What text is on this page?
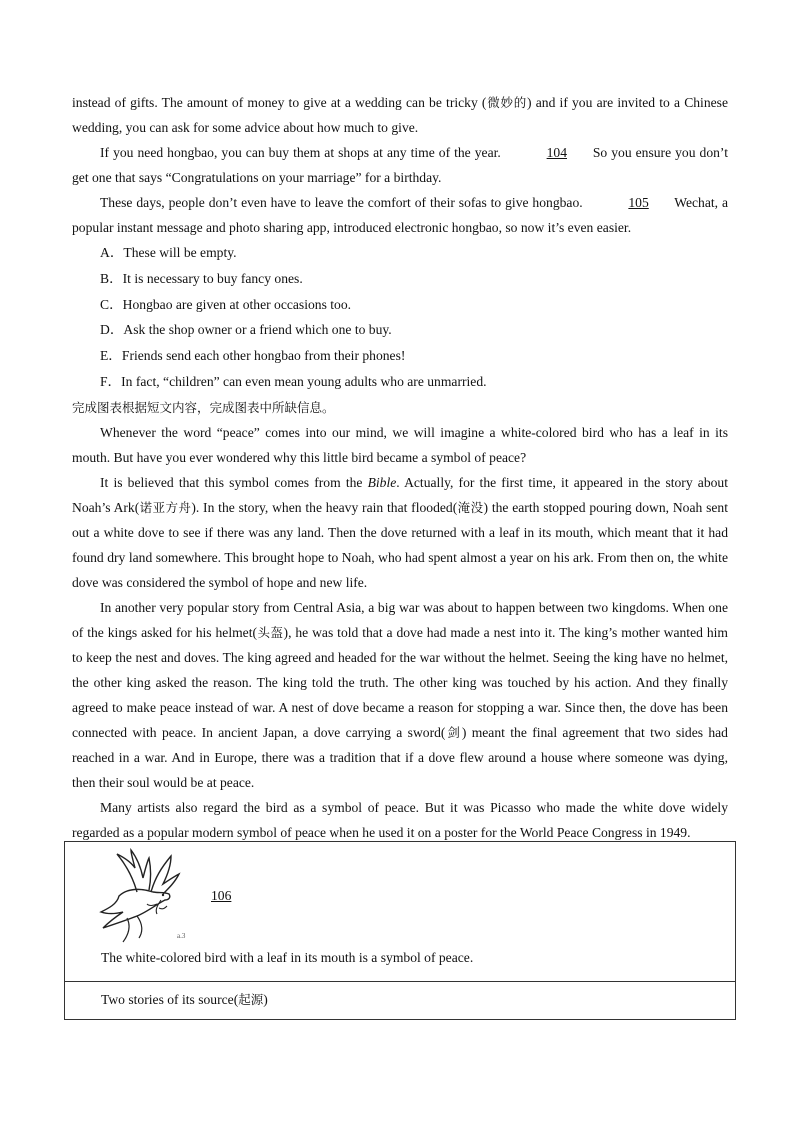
instead of gifts. The amount of money to give at a wedding can be tricky (微妙的) and if you are invited to a Chinese wedding, you can ask for some advice about how much to give.

If you need hongbao, you can buy them at shops at any time of the year.	104 So you ensure you don’t get one that says “Congratulations on your marriage” for a birthday.

These days, people don’t even have to leave the comfort of their sofas to give hongbao.	105 Wechat, a popular instant message and photo sharing app, introduced electronic hongbao, so now it’s even easier.

A．These will be empty.

B．It is necessary to buy fancy ones.

C．Hongbao are given at other occasions too.

D．Ask the shop owner or a friend which one to buy.

E．Friends send each other hongbao from their phones!

F．In fact, “children” can even mean young adults who are unmarried.

完成图表根据短文内容，完成图表中所缺信息。

Whenever the word “peace” comes into our mind, we will imagine a white-colored bird who has a leaf in its mouth. But have you ever wondered why this little bird became a symbol of peace?

It is believed that this symbol comes from the Bible. Actually, for the first time, it appeared in the story about Noah’s Ark(诺亚方舟). In the story, when the heavy rain that flooded(淹没) the earth stopped pouring down, Noah sent out a white dove to see if there was any land. Then the dove returned with a leaf in its mouth, which meant that it had found dry land somewhere. This brought hope to Noah, who had spent almost a year on his ark. From then on, the white dove was considered the symbol of hope and new life.

In another very popular story from Central Asia, a big war was about to happen between two kingdoms. When one of the kings asked for his helmet(头盔), he was told that a dove had made a nest into it. The king’s mother wanted him to keep the nest and doves. The king agreed and headed for the war without the helmet. Seeing the king have no helmet, the other king asked the reason. The king told the truth. The other king was touched by his action. And they finally agreed to make peace instead of war. A nest of dove became a reason for stopping a war. Since then, the dove has been connected with peace. In ancient Japan, a dove carrying a sword(剑) meant the final agreement that two sides had reached in a war. And in Europe, there was a tradition that if a dove flew around a house where someone was dying, then their soul would be at peace.

Many artists also regard the bird as a symbol of peace. But it was Picasso who made the white dove widely regarded as a popular modern symbol of peace when he used it on a poster for the World Peace Congress in 1949.

a.3
106
The white-colored bird with a leaf in its mouth is a symbol of peace.
Two stories of its source(起源)
